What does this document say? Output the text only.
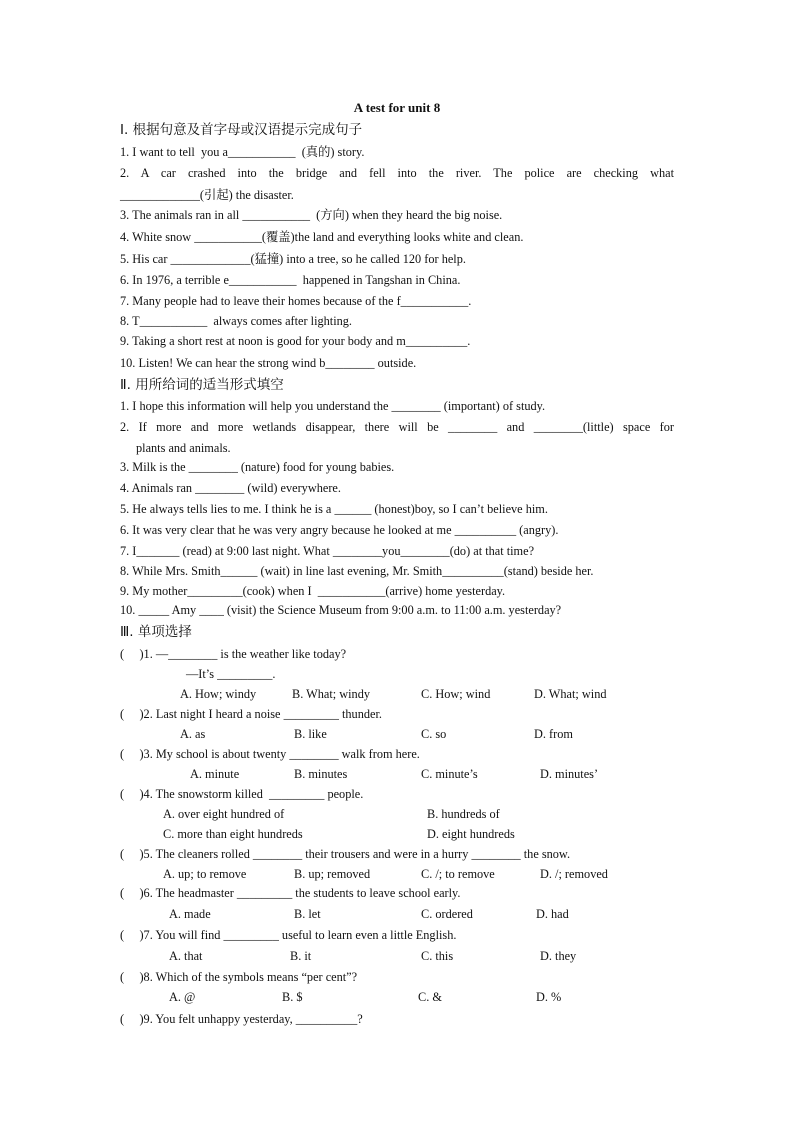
A test for unit 8
Ⅰ. 根据句意及首字母或汉语提示完成句子
1. I want to tell  you a___________  (真的) story.
2. A car crashed into the bridge and fell into the river. The police are checking what
_____________(引起) the disaster.
3. The animals ran in all ___________  (方向) when they heard the big noise.
4. White snow ___________(覆盖)the land and everything looks white and clean.
5. His car _____________(猛撞) into a tree, so he called 120 for help.
6. In 1976, a terrible e___________  happened in Tangshan in China.
7. Many people had to leave their homes because of the f___________.
8. T___________  always comes after lighting.
9. Taking a short rest at noon is good for your body and m__________.
10. Listen! We can hear the strong wind b________ outside.
Ⅱ. 用所给词的适当形式填空
1. I hope this information will help you understand the ________ (important) of study.
2. If more and more wetlands disappear, there will be ________ and ________(little) space for
plants and animals.
3. Milk is the ________ (nature) food for young babies.
4. Animals ran ________ (wild) everywhere.
5. He always tells lies to me. I think he is a ______ (honest)boy, so I can’t believe him.
6. It was very clear that he was very angry because he looked at me __________ (angry).
7. I_______ (read) at 9:00 last night. What ________you________(do) at that time?
8. While Mrs. Smith______ (wait) in line last evening, Mr. Smith__________(stand) beside her.
9. My mother_________(cook) when I  ___________(arrive) home yesterday.
10. _____ Amy ____ (visit) the Science Museum from 9:00 a.m. to 11:00 a.m. yesterday?
Ⅲ. 单项选择
(     )1. —________ is the weather like today?
—It’s _________.
A. How; windy	B. What; windy	C. How; wind	D. What; wind
(     )2. Last night I heard a noise _________ thunder.
A. as	B. like	C. so	D. from
(     )3. My school is about twenty ________ walk from here.
A. minute	B. minutes	C. minute’s	D. minutes’
(     )4. The snowstorm killed  _________ people.
A. over eight hundred of	B. hundreds of
C. more than eight hundreds	D. eight hundreds
(     )5. The cleaners rolled ________ their trousers and were in a hurry ________ the snow.
A. up; to remove	B. up; removed	C. /; to remove	D. /; removed
(     )6. The headmaster _________ the students to leave school early.
A. made	B. let	C. ordered	D. had
(     )7. You will find _________ useful to learn even a little English.
A. that	B. it	C. this	D. they
(     )8. Which of the symbols means “per cent”?
A. @	B. $	C. &	D. %
(     )9. You felt unhappy yesterday, __________?
